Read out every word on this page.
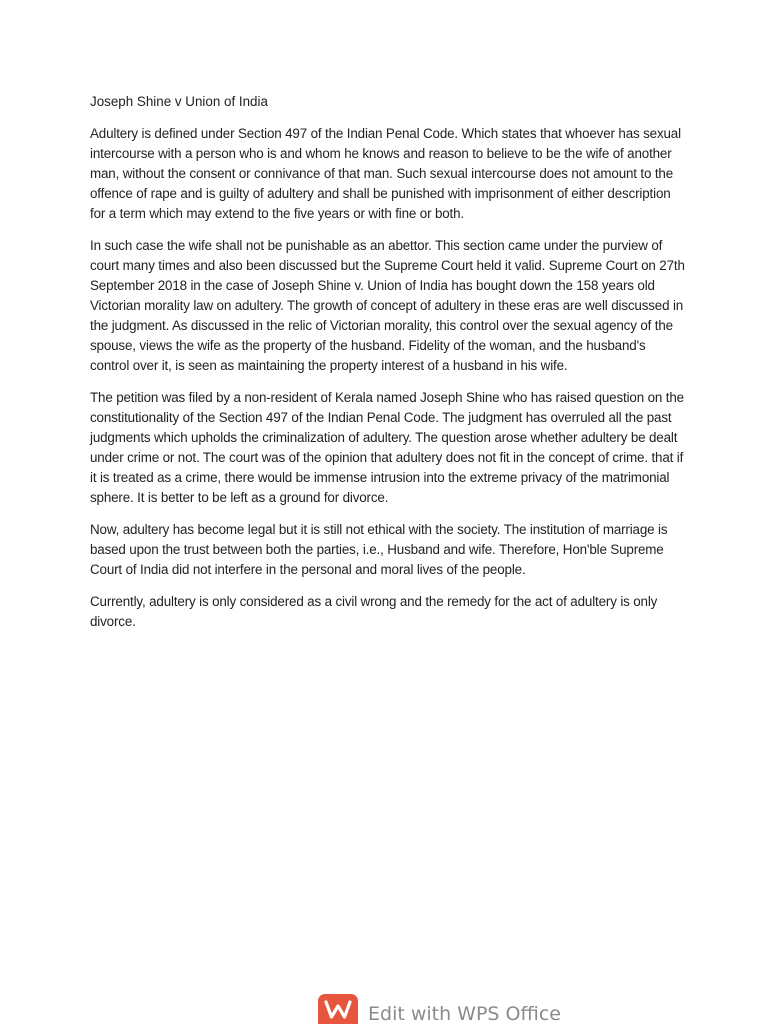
Joseph Shine v Union of India

Adultery is defined under Section 497 of the Indian Penal Code. Which states that whoever has sexual intercourse with a person who is and whom he knows and reason to believe to be the wife of another man, without the consent or connivance of that man. Such sexual intercourse does not amount to the offence of rape and is guilty of adultery and shall be punished with imprisonment of either description for a term which may extend to the five years or with fine or both.

In such case the wife shall not be punishable as an abettor. This section came under the purview of court many times and also been discussed but the Supreme Court held it valid. Supreme Court on 27th September 2018 in the case of Joseph Shine v. Union of India has bought down the 158 years old Victorian morality law on adultery. The growth of concept of adultery in these eras are well discussed in the judgment. As discussed in the relic of Victorian morality, this control over the sexual agency of the spouse, views the wife as the property of the husband. Fidelity of the woman, and the husband's control over it, is seen as maintaining the property interest of a husband in his wife.

The petition was filed by a non-resident of Kerala named Joseph Shine who has raised question on the constitutionality of the Section 497 of the Indian Penal Code. The judgment has overruled all the past judgments which upholds the criminalization of adultery. The question arose whether adultery be dealt under crime or not. The court was of the opinion that adultery does not fit in the concept of crime. that if it is treated as a crime, there would be immense intrusion into the extreme privacy of the matrimonial sphere. It is better to be left as a ground for divorce.

Now, adultery has become legal but it is still not ethical with the society. The institution of marriage is based upon the trust between both the parties, i.e., Husband and wife. Therefore, Hon'ble Supreme Court of India did not interfere in the personal and moral lives of the people.

Currently, adultery is only considered as a civil wrong and the remedy for the act of adultery is only divorce.

Edit with WPS Office
